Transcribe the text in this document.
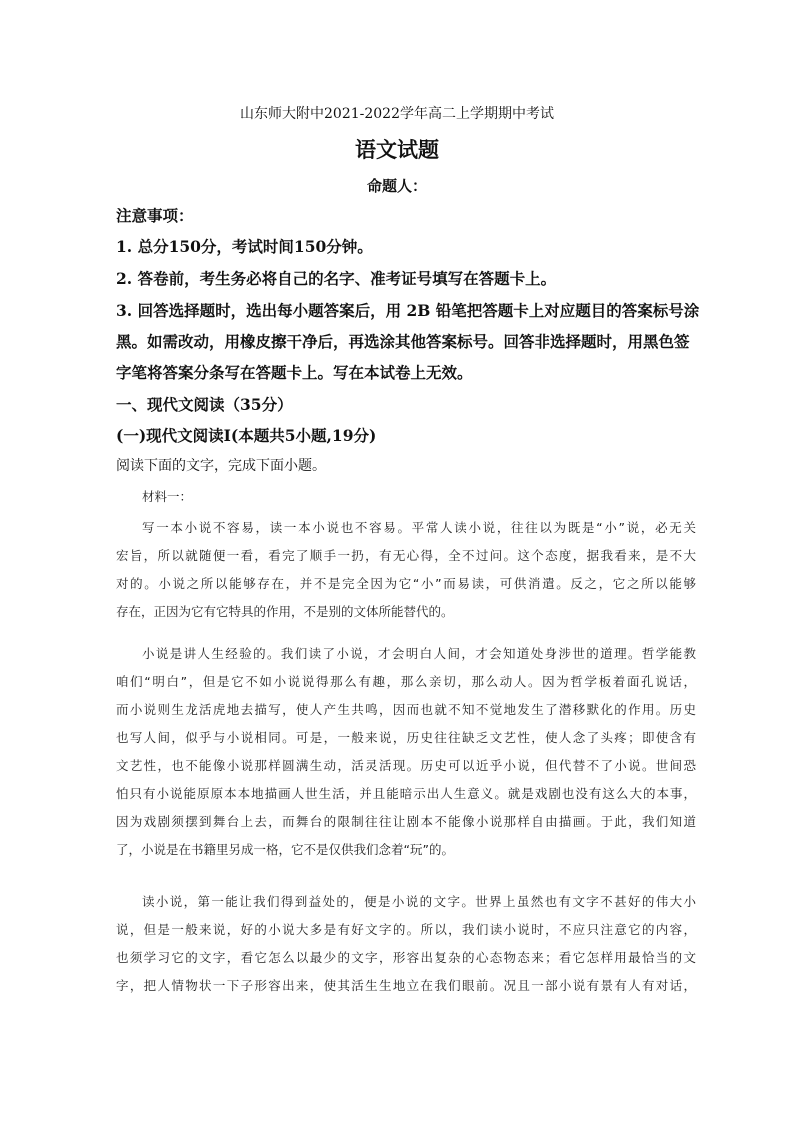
山东师大附中2021-2022学年高二上学期期中考试
语文试题
命题人：
注意事项：
1. 总分150分，考试时间150分钟。
2. 答卷前，考生务必将自己的名字、准考证号填写在答题卡上。
3. 回答选择题时，选出每小题答案后，用 2B 铅笔把答题卡上对应题目的答案标号涂
黑。如需改动，用橡皮擦干净后，再选涂其他答案标号。回答非选择题时，用黑色签
字笔将答案分条写在答题卡上。写在本试卷上无效。
一、现代文阅读（35分）
(一)现代文阅读Ⅰ(本题共5小题,19分)
阅读下面的文字，完成下面小题。
材料一：
写一本小说不容易，读一本小说也不容易。平常人读小说，往往以为既是“小”说，必无关
宏旨，所以就随便一看，看完了顺手一扔，有无心得，全不过问。这个态度，据我看来，是不大
对的。小说之所以能够存在，并不是完全因为它“小”而易读，可供消遣。反之，它之所以能够
存在，正因为它有它特具的作用，不是别的文体所能替代的。
小说是讲人生经验的。我们读了小说，才会明白人间，才会知道处身涉世的道理。哲学能教
咱们“明白”，但是它不如小说说得那么有趣，那么亲切，那么动人。因为哲学板着面孔说话，
而小说则生龙活虎地去描写，使人产生共鸣，因而也就不知不觉地发生了潜移默化的作用。历史
也写人间，似乎与小说相同。可是，一般来说，历史往往缺乏文艺性，使人念了头疼；即使含有
文艺性，也不能像小说那样圆满生动，活灵活现。历史可以近乎小说，但代替不了小说。世间恐
怕只有小说能原原本本地描画人世生活，并且能暗示出人生意义。就是戏剧也没有这么大的本事，
因为戏剧须摆到舞台上去，而舞台的限制往往让剧本不能像小说那样自由描画。于此，我们知道
了，小说是在书籍里另成一格，它不是仅供我们念着“玩”的。
读小说，第一能让我们得到益处的，便是小说的文字。世界上虽然也有文字不甚好的伟大小
说，但是一般来说，好的小说大多是有好文字的。所以，我们读小说时，不应只注意它的内容，
也须学习它的文字，看它怎么以最少的文字，形容出复杂的心态物态来；看它怎样用最恰当的文
字，把人情物状一下子形容出来，使其活生生地立在我们眼前。况且一部小说有景有人有对话，
